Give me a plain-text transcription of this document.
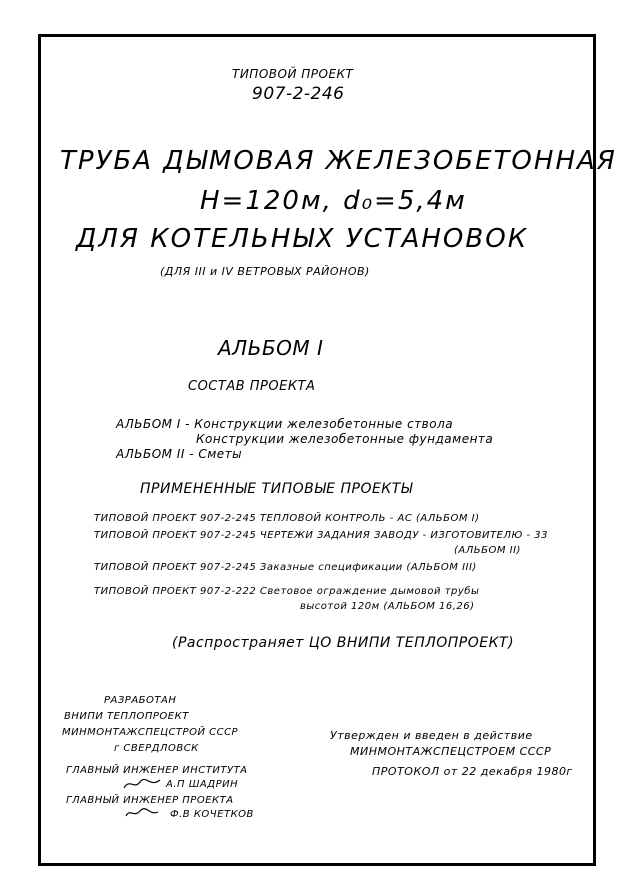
ТИПОВОЙ ПРОЕКТ
907-2-246
ТРУБА ДЫМОВАЯ ЖЕЛЕЗОБЕТОННАЯ
H=120м, d₀=5,4м
ДЛЯ КОТЕЛЬНЫХ УСТАНОВОК
(ДЛЯ III и IV ВЕТРОВЫХ РАЙОНОВ)
АЛЬБОМ I
СОСТАВ ПРОЕКТА
АЛЬБОМ I - Конструкции железобетонные ствола
Конструкции железобетонные фундамента
АЛЬБОМ II - Сметы
ПРИМЕНЕННЫЕ ТИПОВЫЕ ПРОЕКТЫ
ТИПОВОЙ ПРОЕКТ 907-2-245 ТЕПЛОВОЙ КОНТРОЛЬ - АС (АЛЬБОМ I)
ТИПОВОЙ ПРОЕКТ 907-2-245 ЧЕРТЕЖИ ЗАДАНИЯ ЗАВОДУ - ИЗГОТОВИТЕЛЮ - 33
(АЛЬБОМ II)
ТИПОВОЙ ПРОЕКТ 907-2-245 Заказные спецификации (АЛЬБОМ III)
ТИПОВОЙ ПРОЕКТ 907-2-222 Световое ограждение дымовой трубы
высотой 120м (АЛЬБОМ 16,26)
(Распространяет ЦО ВНИПИ ТЕПЛОПРОЕКТ)
РАЗРАБОТАН
ВНИПИ ТЕПЛОПРОЕКТ
МИНМОНТАЖСПЕЦСТРОЙ СССР
г СВЕРДЛОВСК
ГЛАВНЫЙ ИНЖЕНЕР ИНСТИТУТА
А.П ШАДРИН
ГЛАВНЫЙ ИНЖЕНЕР ПРОЕКТА
Ф.В КОЧЕТКОВ
Утвержден и введен в действие
МИНМОНТАЖСПЕЦСТРОЕМ СССР
ПРОТОКОЛ от 22 декабря 1980г
